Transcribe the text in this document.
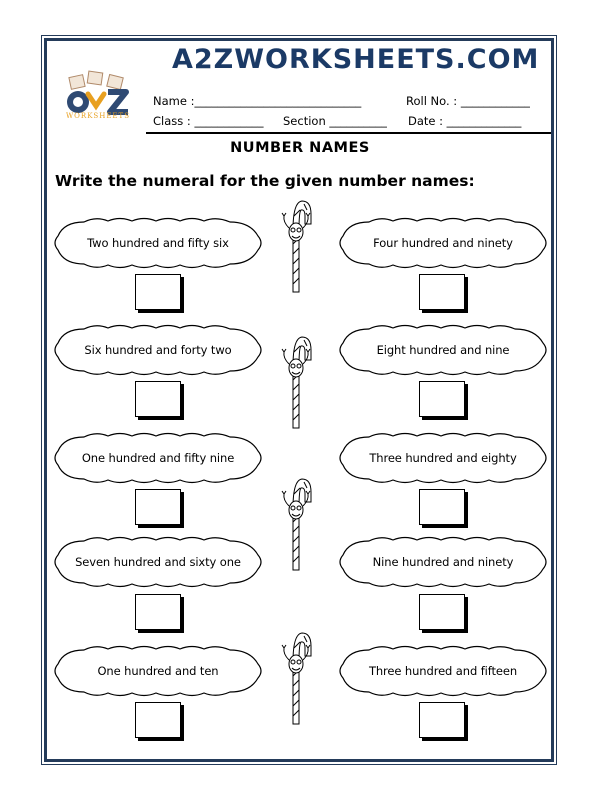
A2ZWORKSHEETS.COM
WORKSHEETS
Name :_____________________________	Roll No. : ____________
Class : ____________ Section __________ Date : _____________
NUMBER NAMES
Write the numeral for the given number names:
Two hundred and fifty six	Four hundred and ninety
Six hundred and forty two	Eight hundred and nine
One hundred and fifty nine	Three hundred and eighty
Seven hundred and sixty one	Nine hundred and ninety
One hundred and ten	Three hundred and fifteen
